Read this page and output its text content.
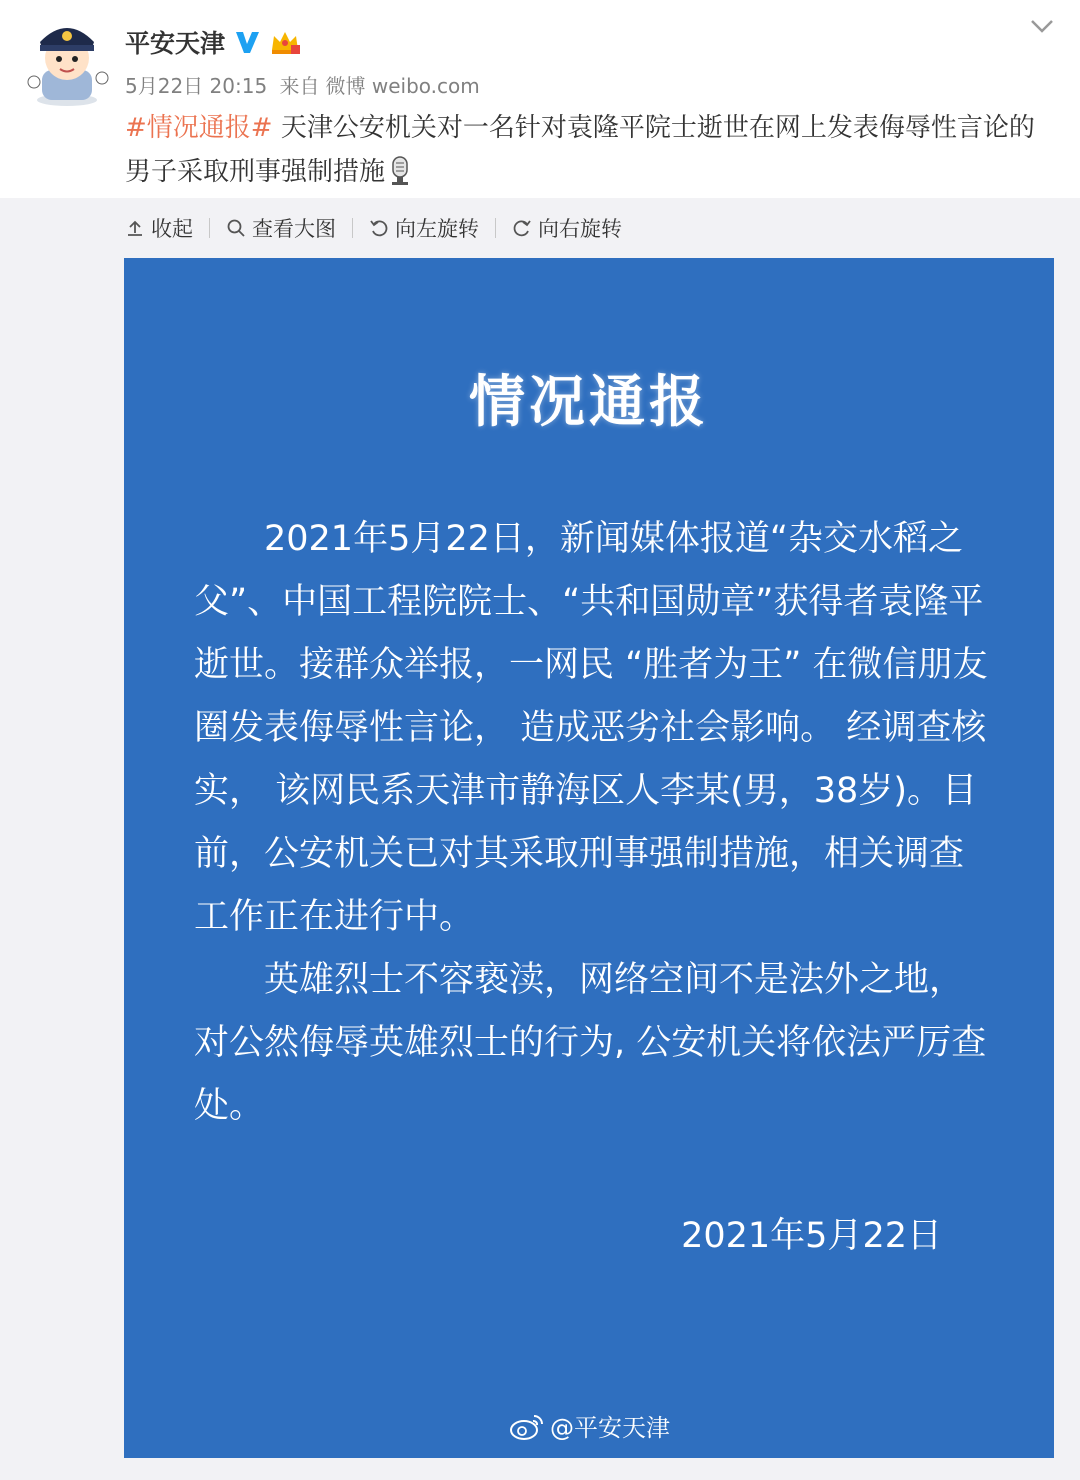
平安天津
5月22日 20:15 来自 微博 weibo.com
#情况通报# 天津公安机关对一名针对袁隆平院士逝世在网上发表侮辱性言论的男子采取刑事强制措施
收起	查看大图	向左旋转	向右旋转
情况通报

2021年5月22日，新闻媒体报道“杂交水稻之父”、中国工程院院士、“共和国勋章”获得者袁隆平逝世。接群众举报，一网民 “胜者为王” 在微信朋友圈发表侮辱性言论， 造成恶劣社会影响。 经调查核实， 该网民系天津市静海区人李某(男，38岁)。目前，公安机关已对其采取刑事强制措施，相关调查工作正在进行中。

英雄烈士不容亵渎，网络空间不是法外之地，对公然侮辱英雄烈士的行为, 公安机关将依法严厉查处。

2021年5月22日
@平安天津
